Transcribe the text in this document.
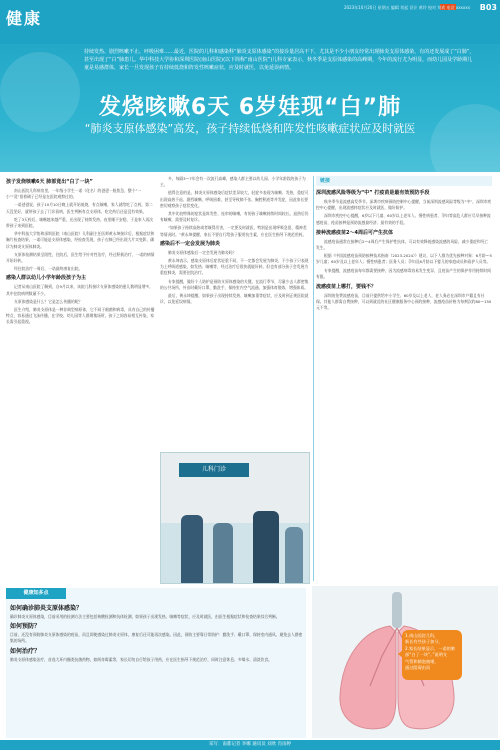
健康
2023年10月20日 星期五 编辑 刘起 设计 黄玲 校对 刘欢 电话 xxxxxx B03
持续发热、剧烈咳嗽不止、呼吸困难……最近，医院的儿科和感染科“肺炎支原体感染”的接诊量居高不下，尤其是不少小朋友经常出现肺炎支原体感染，有的还发展成了“白肺”，甚至出现了“白”肺患儿。华中科技大学协和深圳医院(南山医院)(以下简称“南山医院”)儿科专家表示，秋冬季是支原体感染的高峰期，今年的流行尤为明显，而幼儿园及学龄期儿童是易感群体，家长一旦发现孩子有持续低烧和阵发性咳嗽症状，应及时就医，以免延误病情。
发烧咳嗽6天 6岁娃现“白”肺
“肺炎支原体感染”高发，孩子持续低烧和阵发性咳嗽症状应及时就医
孩子发烧咳嗽6天 肺部竟出“白了一块”

南山医院儿科病房里，一年级小学生一诺（化名）的爸爸一脸焦急，整个“一小”“竟”留着刷子已经是在医院观察过的。

一诺爸爸说，孩子10月10日晚上就开始低烧，有点咳嗽，家人就给吃了点药，第二天没见好，就带孩子去了门诊看病，医生判断有点支原体，吃完药后还是没有效果。

吃了3天药后，咳嗽越来越严重，还出现了持续发热，夜里睡不安稳，于是家人再次带孩子来到医院。

华中科技大学协和深圳医院（南山医院）儿科副主任医师黄永坤接诊后，根据症状和胸片检查结果，一诺可能是支原体感染，经检查发现，孩子右肺已经出现大片实变影，确诊为肺炎支原体肺炎。

支原体检测结果呈阳性，住院后，医生给予针对性治疗，经过积极治疗，一诺的病情开始好转。

经住院治疗一周后，一诺最终康复出院。

感染人群以幼儿小学年龄段孩子为主

记者从南山医院了解到，自9月以来，该院儿科接诊支原体感染的患儿数明显增多，其中住院病例数量不少。

支原体感染是什么？它是怎么传播的呢？

医生介绍，肺炎支原体是一种非典型病原体，它不同于细菌和病毒，具有自己的传播特点，容易通过飞沫传播，在学校、幼儿园等人群聚集场所，孩子之间容易相互传染，家长需引起重视。

多，每隔3～7年会有一次流行高峰，感染人群主要以幼儿园、小学年龄段的孩子为主。

值得注意的是，肺炎支原体感染后症状差异较大，轻症多表现为咳嗽、发热，重症可出现高热不退、剧烈咳嗽、呼吸困难，甚至导致肺不张、胸腔积液等并发症，因此家长要密切观察孩子症状变化。

其中比较特殊的症状是阵发性、连串的咳嗽，有的孩子咳嗽持续时间较长，退热后仍有咳嗽，需要及时复诊。

“如果孩子持续高热或者咳得厉害，一定要及时就医，特别是出现呼吸急促、精神差等情况时。”黄永坤提醒，家长不要自行给孩子服用抗生素，应在医生指导下规范用药。

感染后不一定会发展为肺炎

肺炎支原体感染后一定会发展为肺炎吗？

黄永坤表示，感染支原体后症状轻重不同，不一定都会发展为肺炎，不少孩子只表现为上呼吸道感染，如发热、咳嗽等，经过治疗后很快就能好转。但也有部分孩子会发展为重症肺炎，需要住院治疗。

专家提醒，做好个人防护是预防支原体感染的关键，在流行季节，尽量少去人群密集的公共场所，外出时戴好口罩，勤洗手，保持室内空气流通，加强体育锻炼，增强体质。

最后，黄永坤提醒，如果孩子出现持续发热、咳嗽加重等症状，应及时到正规医院就诊，以免延误病情。

链接
深圳流感风险等级为“中” 打疫苗是最有效预防手段

秋冬季节是流感高发季节。深圳市疾病预防控制中心提醒，当前深圳流感风险等级为“中”，深圳市疾控中心提醒，出现流感样症状应及时就医，做好防护。

深圳市疾控中心提醒，6岁以下儿童、60岁以上老年人、慢性病患者、孕妇等高危人群应尽早接种流感疫苗，疫苗接种是预防流感最经济、最有效的手段。

接种流感疫苗2～4周后可产生抗体

流感疫苗通常在接种后2～4周后产生保护性抗体，可以有效降低感染流感的风险，减少重症和死亡发生。

根据《中国流感疫苗预防接种技术指南（2023-2024）》建议，以下人群为优先接种对象：6月龄～5岁儿童；60岁及以上老年人；慢性病患者；医务人员；孕妇及6月龄以下婴儿的家庭成员和看护人员等。

专家提醒，流感疫苗每年都需要接种，因为流感病毒容易发生变异，且疫苗产生的保护作用持续时间有限。

流感疫苗上哪打，要钱不？

深圳的免费流感疫苗，目前只提供给中小学生、60岁及以上老人，老人务必在深圳市户籍且有社保。其他人群需自费接种，可以到就近的社区健康服务中心预约接种，流感疫苗价格为每剂次约80～150元不等。

儿科门诊
健康知多点
如何确诊肺炎支原体感染？
确诊肺炎支原体感染，目前采用的检测方法主要包括核酸检测和抗体检测，如果孩子出现发热、咳嗽等症状，应及时就医，由医生根据症状和检查结果综合判断。
如何预防？
目前，还没有预防肺炎支原体感染的疫苗，而且即使感染过肺炎支原体，康复后还可能再次感染。因此，预防主要靠日常防护：勤洗手、戴口罩、保持室内通风，避免去人群密集的场所。
如何治疗？
肺炎支原体感染治疗，首选大环内酯类抗菌药物，如阿奇霉素等，家长切勿自行给孩子用药，应在医生指导下规范治疗，同时注意休息、多喝水、清淡饮食。
1.南山医院儿科，
新长有些孩子加分，
2.家长结果显示，一诺的肺
部“白了一块”。”说明支
气管和肺泡被堵，
通过阻碍由而
采写：南都记者 李娜 通讯员 刘欣 肖雨婷
